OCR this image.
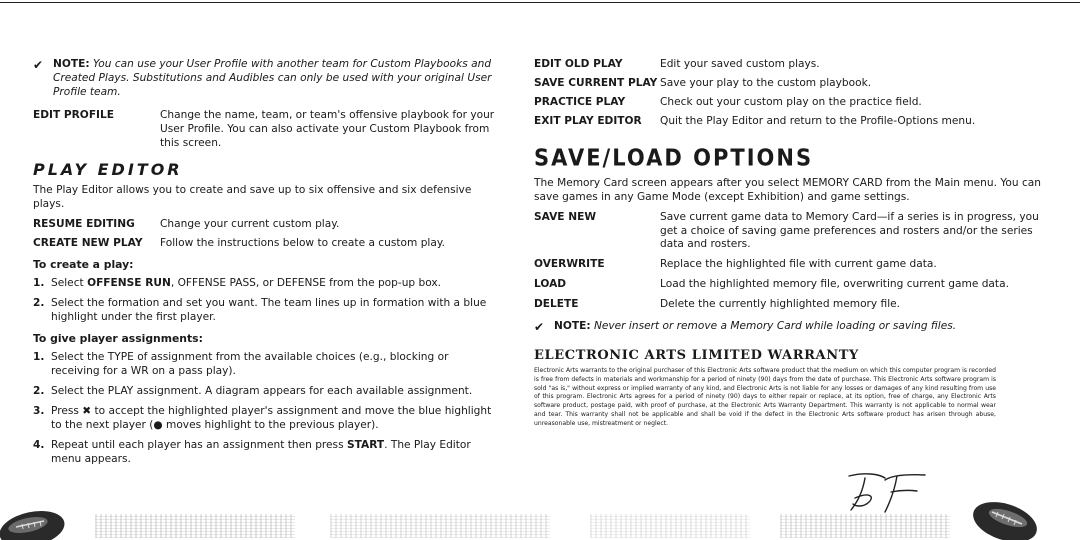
✔ NOTE: You can use your User Profile with another team for Custom Playbooks and Created Plays. Substitutions and Audibles can only be used with your original User Profile team.
EDIT PROFILE	Change the name, team, or team's offensive playbook for your User Profile. You can also activate your Custom Playbook from this screen.
PLAY EDITOR

The Play Editor allows you to create and save up to six offensive and six defensive plays.

RESUME EDITING	Change your current custom play.
CREATE NEW PLAY	Follow the instructions below to create a custom play.
To create a play:
1. Select OFFENSE RUN, OFFENSE PASS, or DEFENSE from the pop-up box.
2. Select the formation and set you want. The team lines up in formation with a blue highlight under the first player.
To give player assignments:
1. Select the TYPE of assignment from the available choices (e.g., blocking or receiving for a WR on a pass play).
2. Select the PLAY assignment. A diagram appears for each available assignment.
3. Press ✖ to accept the highlighted player's assignment and move the blue highlight to the next player (● moves highlight to the previous player).
4. Repeat until each player has an assignment then press START. The Play Editor menu appears.
EDIT OLD PLAY	Edit your saved custom plays.
SAVE CURRENT PLAY Save your play to the custom playbook.
PRACTICE PLAY	Check out your custom play on the practice field.
EXIT PLAY EDITOR	Quit the Play Editor and return to the Profile-Options menu.
SAVE/LOAD OPTIONS

The Memory Card screen appears after you select MEMORY CARD from the Main menu. You can save games in any Game Mode (except Exhibition) and game settings.

SAVE NEW	Save current game data to Memory Card—if a series is in progress, you get a choice of saving game preferences and rosters and/or the series data and rosters.
OVERWRITE	Replace the highlighted file with current game data.
LOAD	Load the highlighted memory file, overwriting current game data.
DELETE	Delete the currently highlighted memory file.
✔ NOTE: Never insert or remove a Memory Card while loading or saving files.
ELECTRONIC ARTS LIMITED WARRANTY

Electronic Arts warrants to the original purchaser of this Electronic Arts software product that the medium on which this computer program is recorded is free from defects in materials and workmanship for a period of ninety (90) days from the date of purchase. This Electronic Arts software program is sold "as is," without express or implied warranty of any kind, and Electronic Arts is not liable for any losses or damages of any kind resulting from use of this program. Electronic Arts agrees for a period of ninety (90) days to either repair or replace, at its option, free of charge, any Electronic Arts software product, postage paid, with proof of purchase, at the Electronic Arts Warranty Department. This warranty is not applicable to normal wear and tear. This warranty shall not be applicable and shall be void if the defect in the Electronic Arts software product has arisen through abuse, unreasonable use, mistreatment or neglect.
